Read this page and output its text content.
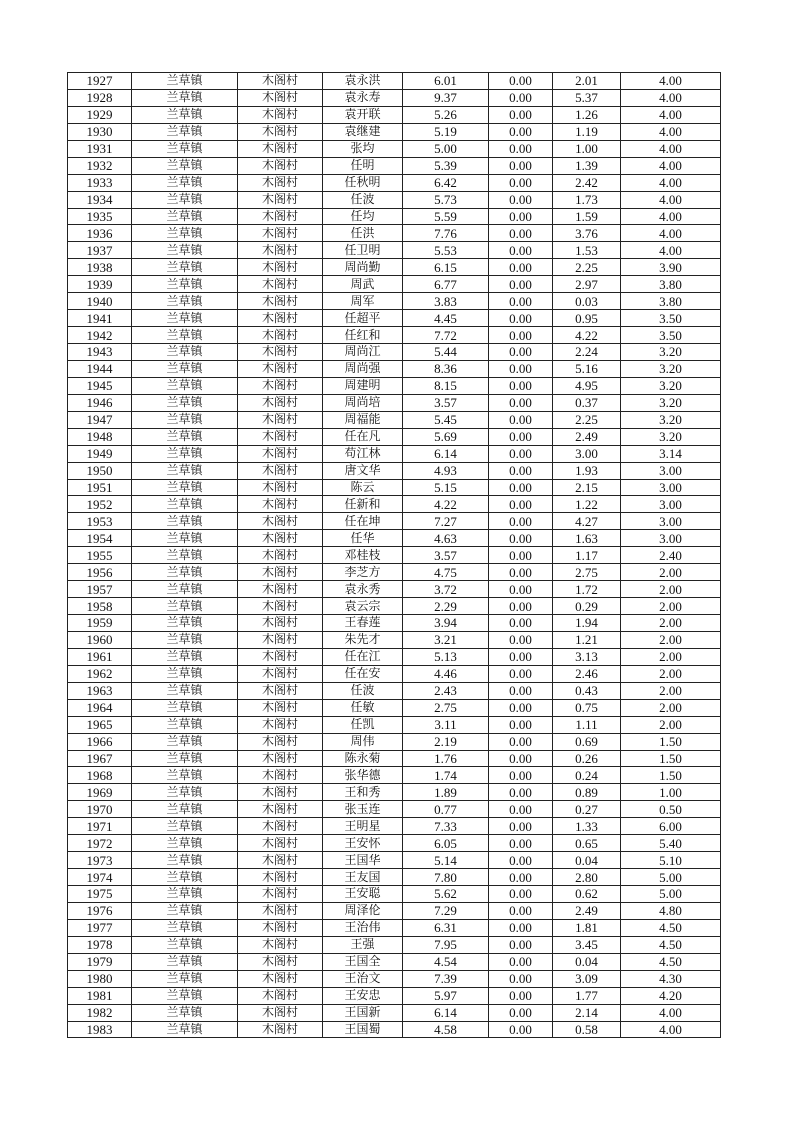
1927	兰草镇	木阁村	袁永洪	6.01	0.00	2.01	4.00
1928	兰草镇	木阁村	袁永寿	9.37	0.00	5.37	4.00
1929	兰草镇	木阁村	袁开联	5.26	0.00	1.26	4.00
1930	兰草镇	木阁村	袁继建	5.19	0.00	1.19	4.00
1931	兰草镇	木阁村	张均	5.00	0.00	1.00	4.00
1932	兰草镇	木阁村	任明	5.39	0.00	1.39	4.00
1933	兰草镇	木阁村	任秋明	6.42	0.00	2.42	4.00
1934	兰草镇	木阁村	任波	5.73	0.00	1.73	4.00
1935	兰草镇	木阁村	任均	5.59	0.00	1.59	4.00
1936	兰草镇	木阁村	任洪	7.76	0.00	3.76	4.00
1937	兰草镇	木阁村	任卫明	5.53	0.00	1.53	4.00
1938	兰草镇	木阁村	周尚勤	6.15	0.00	2.25	3.90
1939	兰草镇	木阁村	周武	6.77	0.00	2.97	3.80
1940	兰草镇	木阁村	周军	3.83	0.00	0.03	3.80
1941	兰草镇	木阁村	任超平	4.45	0.00	0.95	3.50
1942	兰草镇	木阁村	任红和	7.72	0.00	4.22	3.50
1943	兰草镇	木阁村	周尚江	5.44	0.00	2.24	3.20
1944	兰草镇	木阁村	周尚强	8.36	0.00	5.16	3.20
1945	兰草镇	木阁村	周建明	8.15	0.00	4.95	3.20
1946	兰草镇	木阁村	周尚培	3.57	0.00	0.37	3.20
1947	兰草镇	木阁村	周福能	5.45	0.00	2.25	3.20
1948	兰草镇	木阁村	任在凡	5.69	0.00	2.49	3.20
1949	兰草镇	木阁村	苟江林	6.14	0.00	3.00	3.14
1950	兰草镇	木阁村	唐文华	4.93	0.00	1.93	3.00
1951	兰草镇	木阁村	陈云	5.15	0.00	2.15	3.00
1952	兰草镇	木阁村	任新和	4.22	0.00	1.22	3.00
1953	兰草镇	木阁村	任在坤	7.27	0.00	4.27	3.00
1954	兰草镇	木阁村	任华	4.63	0.00	1.63	3.00
1955	兰草镇	木阁村	邓桂枝	3.57	0.00	1.17	2.40
1956	兰草镇	木阁村	李芝方	4.75	0.00	2.75	2.00
1957	兰草镇	木阁村	袁永秀	3.72	0.00	1.72	2.00
1958	兰草镇	木阁村	袁云宗	2.29	0.00	0.29	2.00
1959	兰草镇	木阁村	王春莲	3.94	0.00	1.94	2.00
1960	兰草镇	木阁村	朱先才	3.21	0.00	1.21	2.00
1961	兰草镇	木阁村	任在江	5.13	0.00	3.13	2.00
1962	兰草镇	木阁村	任在安	4.46	0.00	2.46	2.00
1963	兰草镇	木阁村	任波	2.43	0.00	0.43	2.00
1964	兰草镇	木阁村	任敏	2.75	0.00	0.75	2.00
1965	兰草镇	木阁村	任凯	3.11	0.00	1.11	2.00
1966	兰草镇	木阁村	周伟	2.19	0.00	0.69	1.50
1967	兰草镇	木阁村	陈永菊	1.76	0.00	0.26	1.50
1968	兰草镇	木阁村	张华德	1.74	0.00	0.24	1.50
1969	兰草镇	木阁村	王和秀	1.89	0.00	0.89	1.00
1970	兰草镇	木阁村	张玉连	0.77	0.00	0.27	0.50
1971	兰草镇	木阁村	王明星	7.33	0.00	1.33	6.00
1972	兰草镇	木阁村	王安怀	6.05	0.00	0.65	5.40
1973	兰草镇	木阁村	王国华	5.14	0.00	0.04	5.10
1974	兰草镇	木阁村	王友国	7.80	0.00	2.80	5.00
1975	兰草镇	木阁村	王安聪	5.62	0.00	0.62	5.00
1976	兰草镇	木阁村	周泽伦	7.29	0.00	2.49	4.80
1977	兰草镇	木阁村	王治伟	6.31	0.00	1.81	4.50
1978	兰草镇	木阁村	王强	7.95	0.00	3.45	4.50
1979	兰草镇	木阁村	王国全	4.54	0.00	0.04	4.50
1980	兰草镇	木阁村	王治文	7.39	0.00	3.09	4.30
1981	兰草镇	木阁村	王安忠	5.97	0.00	1.77	4.20
1982	兰草镇	木阁村	王国新	6.14	0.00	2.14	4.00
1983	兰草镇	木阁村	王国蜀	4.58	0.00	0.58	4.00
